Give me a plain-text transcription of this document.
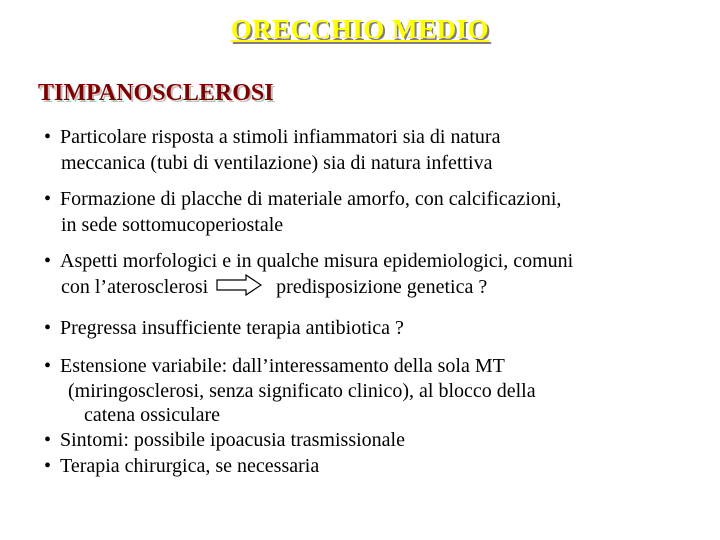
ORECCHIO MEDIO
TIMPANOSCLEROSI
• Particolare risposta a stimoli infiammatori sia di natura
meccanica (tubi di ventilazione) sia di natura infettiva
• Formazione di placche di materiale amorfo, con calcificazioni,
in sede sottomucoperiostale
• Aspetti morfologici e in qualche misura epidemiologici, comuni
con l’aterosclerosi	predisposizione genetica ?
• Pregressa insufficiente terapia antibiotica ?
• Estensione variabile: dall’interessamento della sola MT
(miringosclerosi, senza significato clinico), al blocco della
catena ossiculare
• Sintomi: possibile ipoacusia trasmissionale
• Terapia chirurgica, se necessaria
